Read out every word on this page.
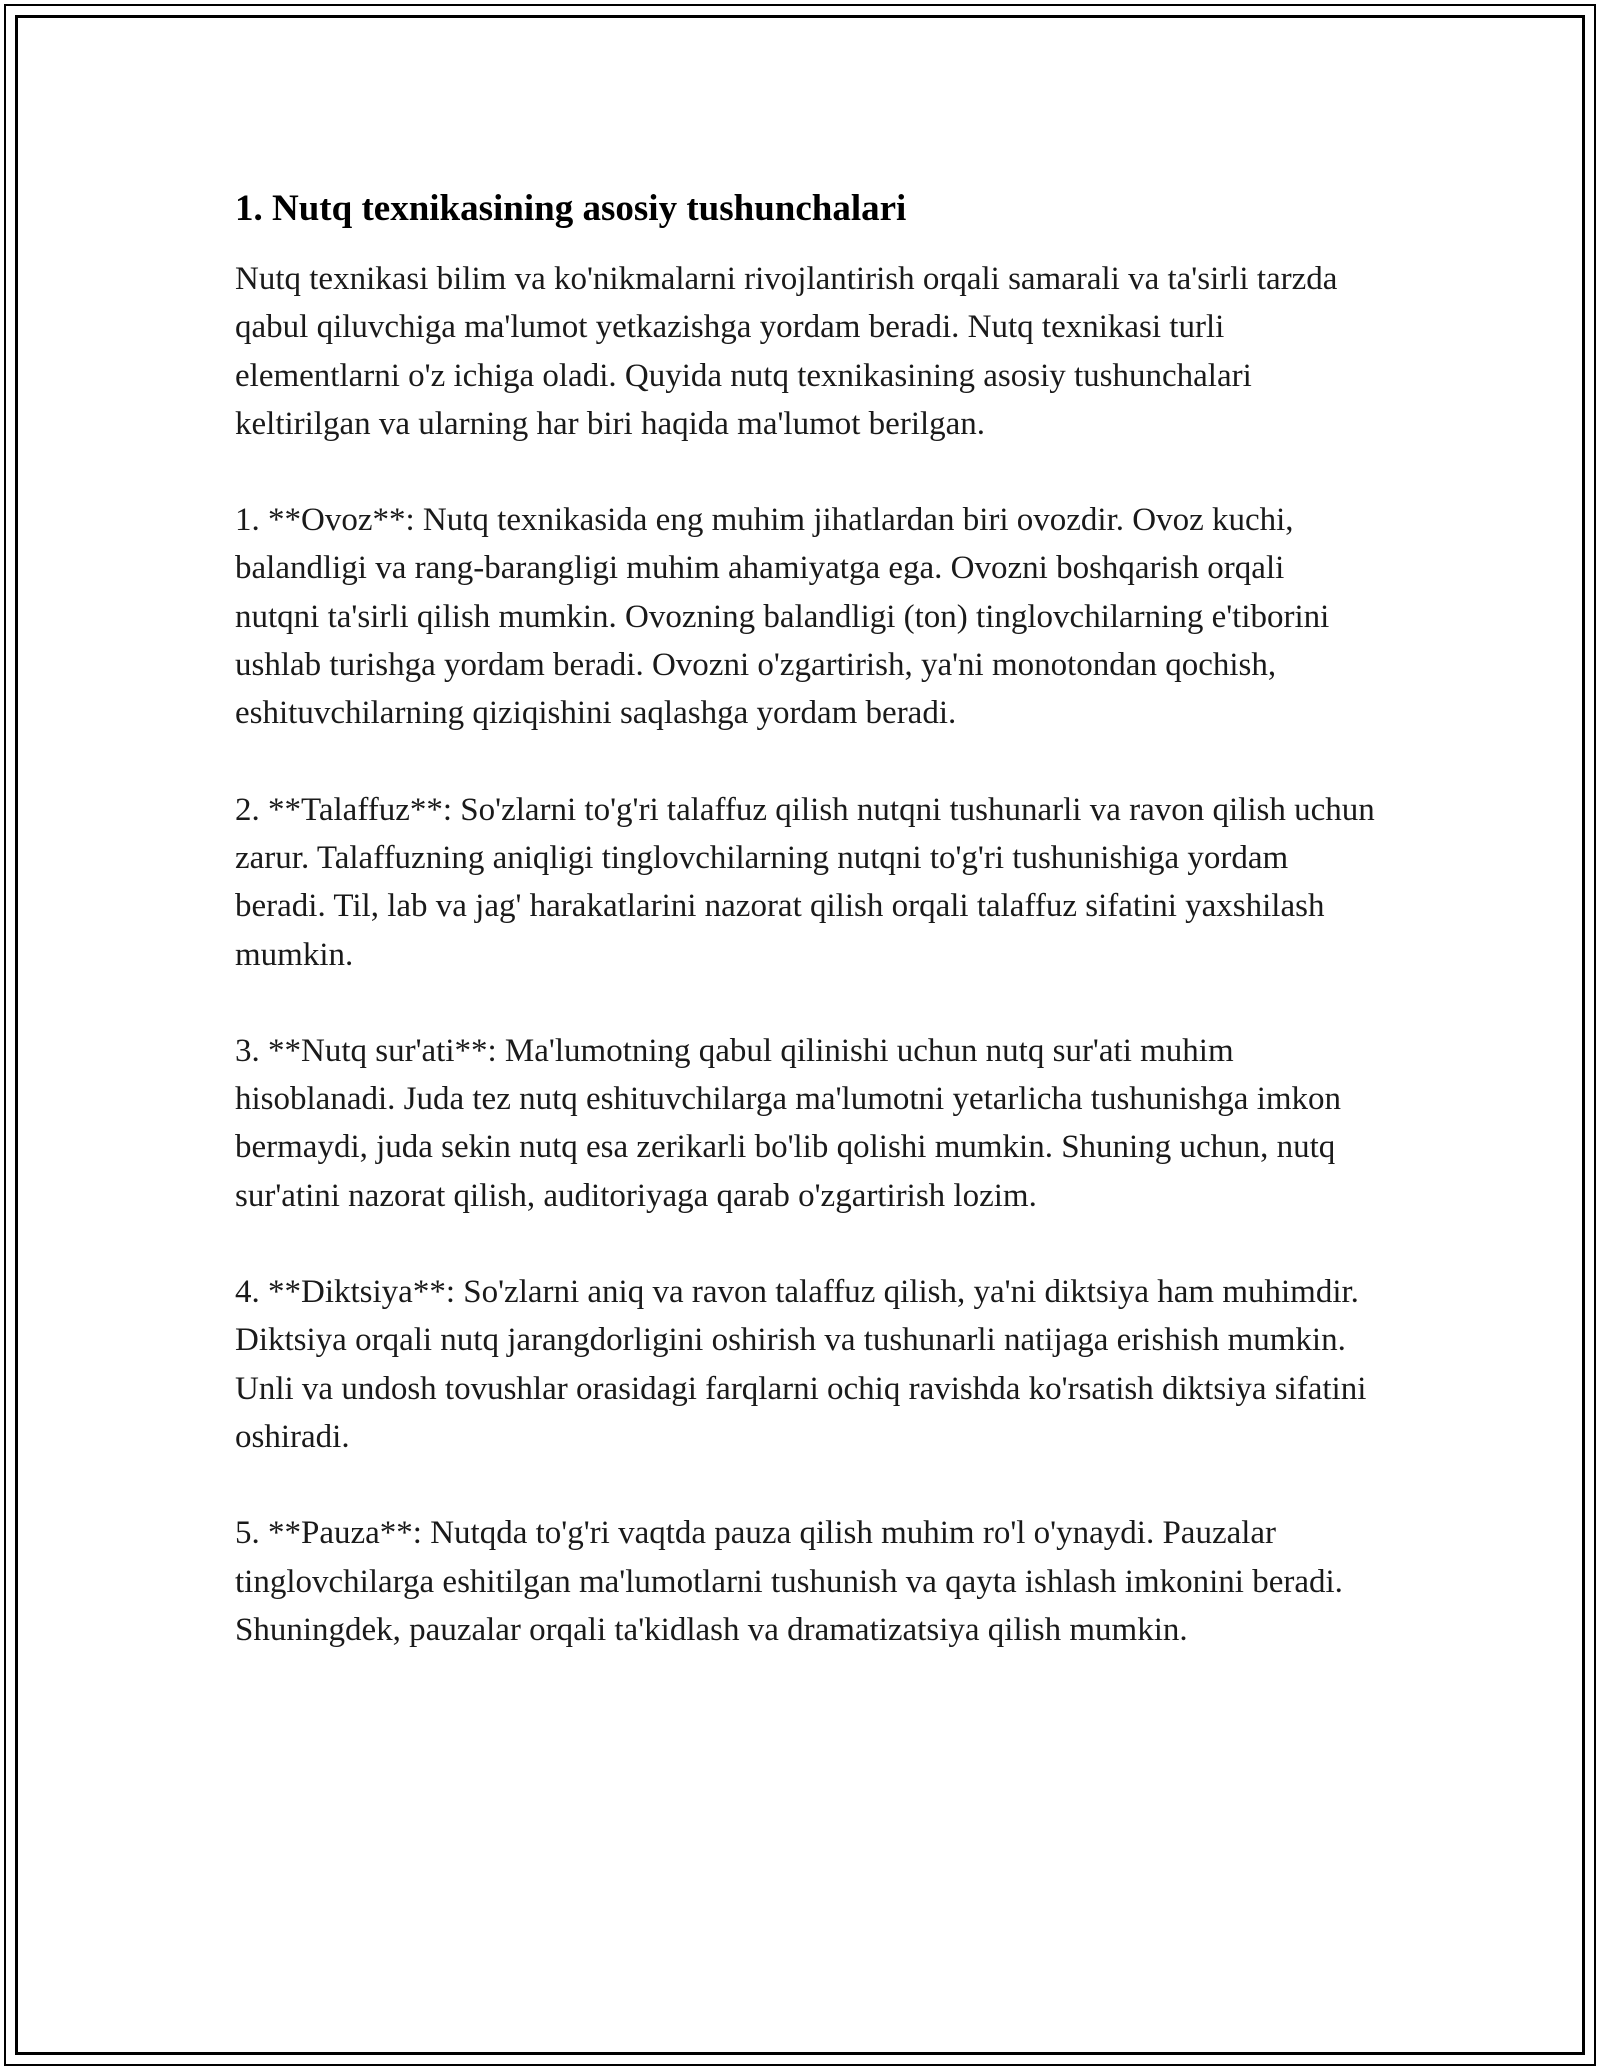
1. Nutq texnikasining asosiy tushunchalari

Nutq texnikasi bilim va ko'nikmalarni rivojlantirish orqali samarali va ta'sirli tarzda qabul qiluvchiga ma'lumot yetkazishga yordam beradi. Nutq texnikasi turli elementlarni o'z ichiga oladi. Quyida nutq texnikasining asosiy tushunchalari keltirilgan va ularning har biri haqida ma'lumot berilgan.

1. **Ovoz**: Nutq texnikasida eng muhim jihatlardan biri ovozdir. Ovoz kuchi, balandligi va rang-barangligi muhim ahamiyatga ega. Ovozni boshqarish orqali nutqni ta'sirli qilish mumkin. Ovozning balandligi (ton) tinglovchilarning e'tiborini ushlab turishga yordam beradi. Ovozni o'zgartirish, ya'ni monotondan qochish, eshituvchilarning qiziqishini saqlashga yordam beradi.

2. **Talaffuz**: So'zlarni to'g'ri talaffuz qilish nutqni tushunarli va ravon qilish uchun zarur. Talaffuzning aniqligi tinglovchilarning nutqni to'g'ri tushunishiga yordam beradi. Til, lab va jag' harakatlarini nazorat qilish orqali talaffuz sifatini yaxshilash mumkin.

3. **Nutq sur'ati**: Ma'lumotning qabul qilinishi uchun nutq sur'ati muhim hisoblanadi. Juda tez nutq eshituvchilarga ma'lumotni yetarlicha tushunishga imkon bermaydi, juda sekin nutq esa zerikarli bo'lib qolishi mumkin. Shuning uchun, nutq sur'atini nazorat qilish, auditoriyaga qarab o'zgartirish lozim.

4. **Diktsiya**: So'zlarni aniq va ravon talaffuz qilish, ya'ni diktsiya ham muhimdir. Diktsiya orqali nutq jarangdorligini oshirish va tushunarli natijaga erishish mumkin. Unli va undosh tovushlar orasidagi farqlarni ochiq ravishda ko'rsatish diktsiya sifatini oshiradi.

5. **Pauza**: Nutqda to'g'ri vaqtda pauza qilish muhim ro'l o'ynaydi. Pauzalar tinglovchilarga eshitilgan ma'lumotlarni tushunish va qayta ishlash imkonini beradi. Shuningdek, pauzalar orqali ta'kidlash va dramatizatsiya qilish mumkin.
